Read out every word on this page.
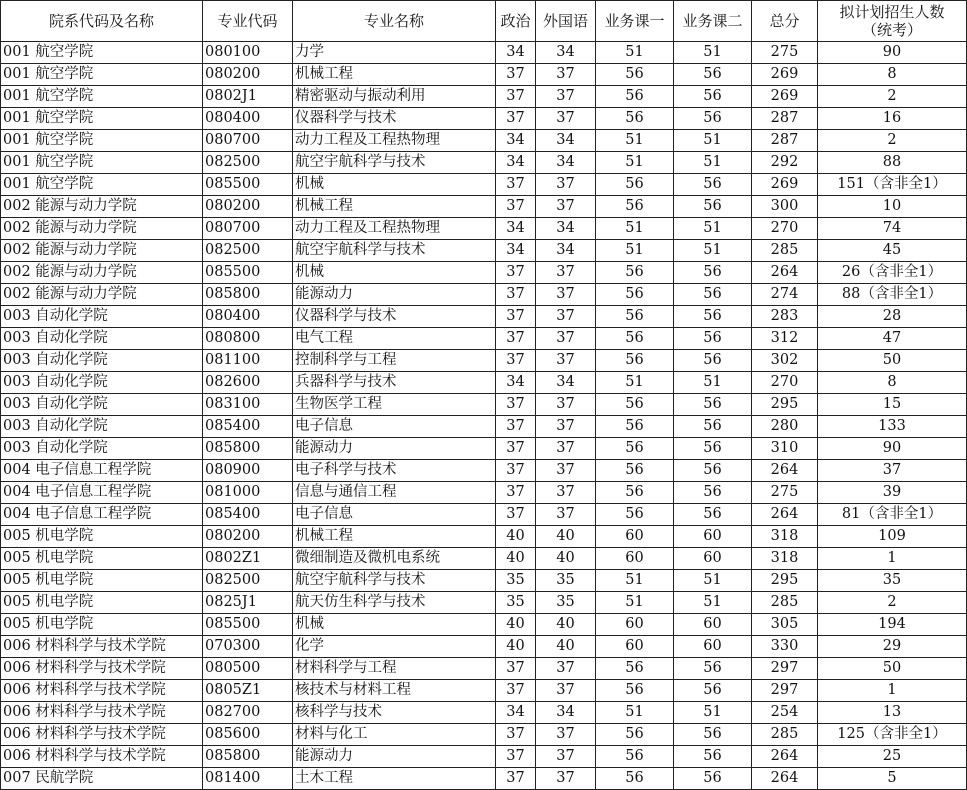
院系代码及名称	专业代码	专业名称	政治	外国语	业务课一	业务课二	总分	拟计划招生人数
（统考）

001 航空学院	080100	力学	34	34	51	51	275	90
001 航空学院	080200	机械工程	37	37	56	56	269	8
001 航空学院	0802J1	精密驱动与振动利用	37	37	56	56	269	2
001 航空学院	080400	仪器科学与技术	37	37	56	56	287	16
001 航空学院	080700	动力工程及工程热物理	34	34	51	51	287	2
001 航空学院	082500	航空宇航科学与技术	34	34	51	51	292	88
001 航空学院	085500	机械	37	37	56	56	269	151（含非全1）
002 能源与动力学院	080200	机械工程	37	37	56	56	300	10
002 能源与动力学院	080700	动力工程及工程热物理	34	34	51	51	270	74
002 能源与动力学院	082500	航空宇航科学与技术	34	34	51	51	285	45
002 能源与动力学院	085500	机械	37	37	56	56	264	26（含非全1）
002 能源与动力学院	085800	能源动力	37	37	56	56	274	88（含非全1）
003 自动化学院	080400	仪器科学与技术	37	37	56	56	283	28
003 自动化学院	080800	电气工程	37	37	56	56	312	47
003 自动化学院	081100	控制科学与工程	37	37	56	56	302	50
003 自动化学院	082600	兵器科学与技术	34	34	51	51	270	8
003 自动化学院	083100	生物医学工程	37	37	56	56	295	15
003 自动化学院	085400	电子信息	37	37	56	56	280	133
003 自动化学院	085800	能源动力	37	37	56	56	310	90
004 电子信息工程学院	080900	电子科学与技术	37	37	56	56	264	37
004 电子信息工程学院	081000	信息与通信工程	37	37	56	56	275	39
004 电子信息工程学院	085400	电子信息	37	37	56	56	264	81（含非全1）
005 机电学院	080200	机械工程	40	40	60	60	318	109
005 机电学院	0802Z1	微细制造及微机电系统	40	40	60	60	318	1
005 机电学院	082500	航空宇航科学与技术	35	35	51	51	295	35
005 机电学院	0825J1	航天仿生科学与技术	35	35	51	51	285	2
005 机电学院	085500	机械	40	40	60	60	305	194
006 材料科学与技术学院	070300	化学	40	40	60	60	330	29
006 材料科学与技术学院	080500	材料科学与工程	37	37	56	56	297	50
006 材料科学与技术学院	0805Z1	核技术与材料工程	37	37	56	56	297	1
006 材料科学与技术学院	082700	核科学与技术	34	34	51	51	254	13
006 材料科学与技术学院	085600	材料与化工	37	37	56	56	285	125（含非全1）
006 材料科学与技术学院	085800	能源动力	37	37	56	56	264	25
007 民航学院	081400	土木工程	37	37	56	56	264	5
